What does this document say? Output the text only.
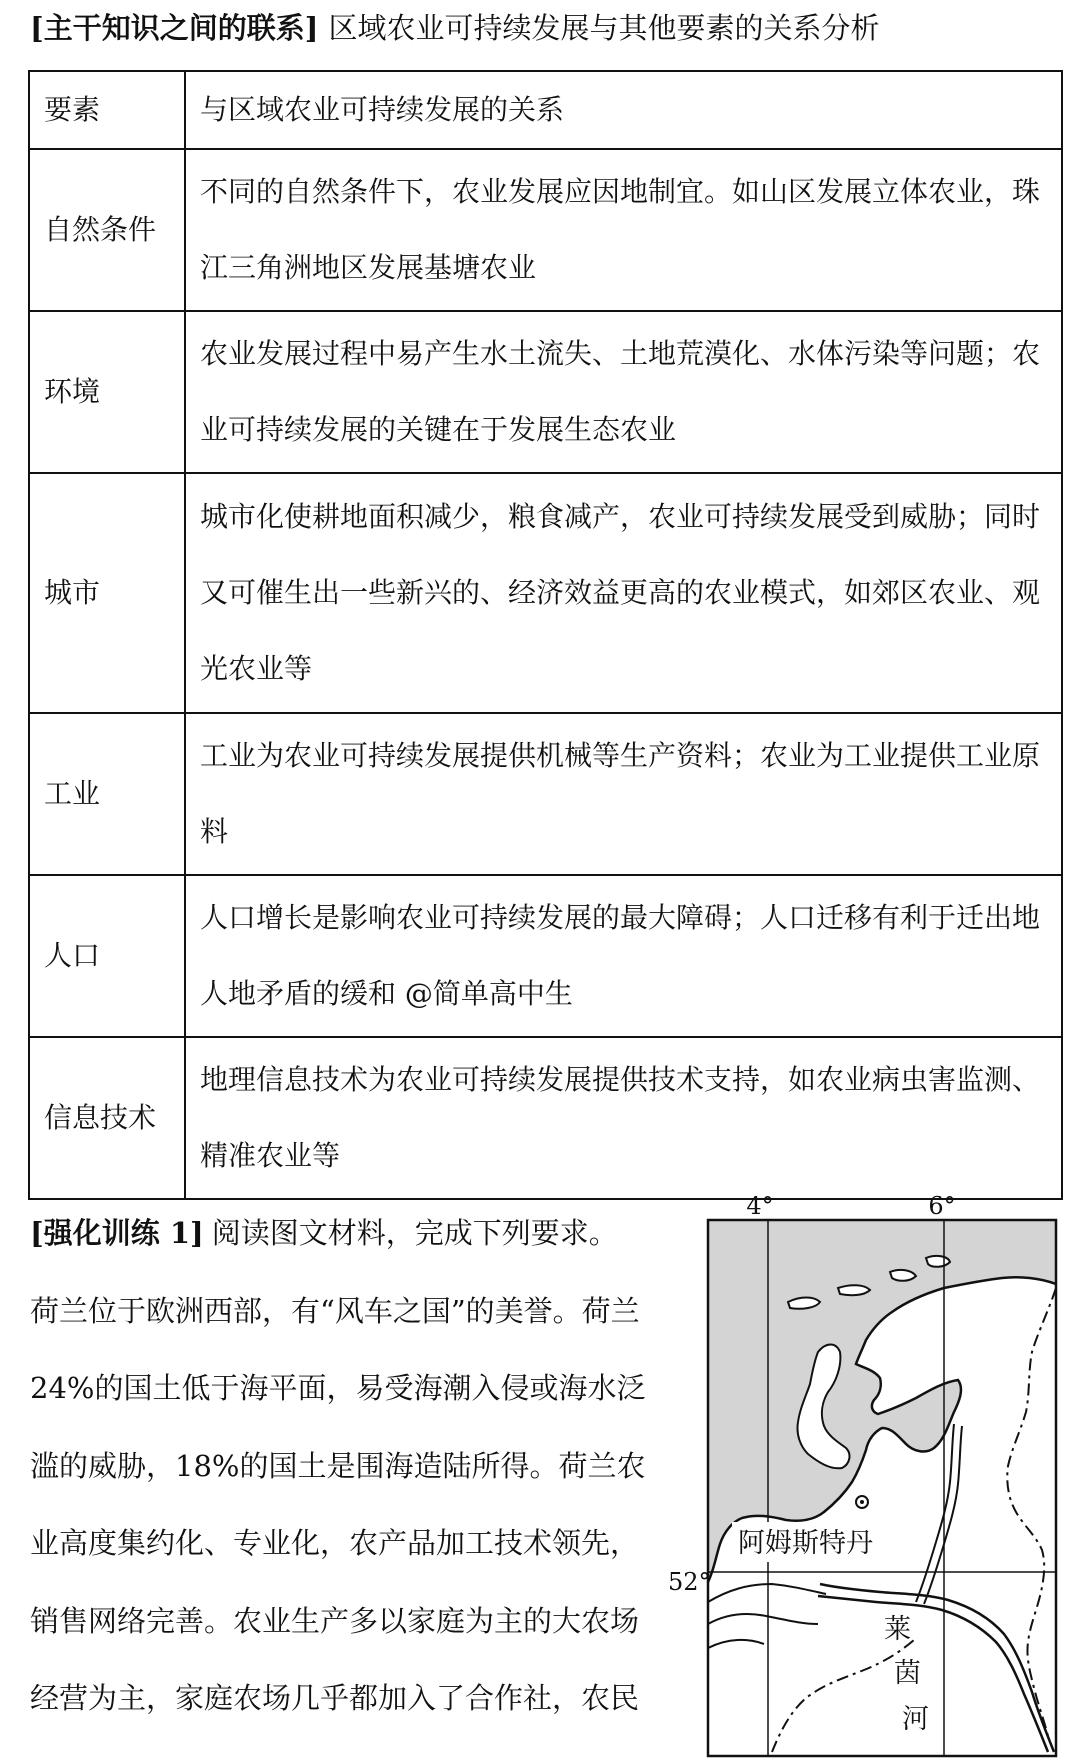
[主干知识之间的联系] 区域农业可持续发展与其他要素的关系分析
要素	与区域农业可持续发展的关系
自然条件	不同的自然条件下，农业发展应因地制宜。如山区发展立体农业，珠江三角洲地区发展基塘农业
环境	农业发展过程中易产生水土流失、土地荒漠化、水体污染等问题；农业可持续发展的关键在于发展生态农业
城市	城市化使耕地面积减少，粮食减产，农业可持续发展受到威胁；同时又可催生出一些新兴的、经济效益更高的农业模式，如郊区农业、观光农业等
工业	工业为农业可持续发展提供机械等生产资料；农业为工业提供工业原料
人口	人口增长是影响农业可持续发展的最大障碍；人口迁移有利于迁出地人地矛盾的缓和 @简单高中生
信息技术	地理信息技术为农业可持续发展提供技术支持，如农业病虫害监测、精准农业等

[强化训练 1] 阅读图文材料，完成下列要求。

荷兰位于欧洲西部，有“风车之国”的美誉。荷兰24%的国土低于海平面，易受海潮入侵或海水泛滥的威胁，18%的国土是围海造陆所得。荷兰农业高度集约化、专业化，农产品加工技术领先，销售网络完善。农业生产多以家庭为主的大农场经营为主，家庭农场几乎都加入了合作社，农民

4°	6°
52°
阿姆斯特丹
莱
茵
河
